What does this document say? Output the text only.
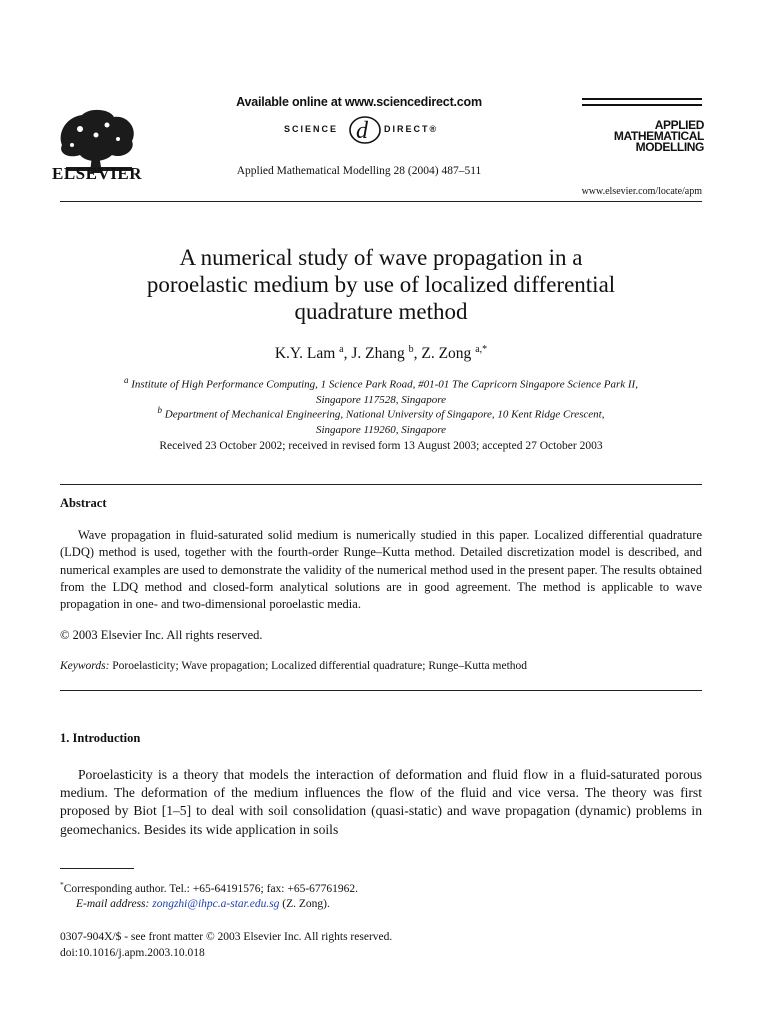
ELSEVIER
Available online at www.sciencedirect.com
SCIENCE d DIRECT®
Applied Mathematical Modelling 28 (2004) 487–511
APPLIED
MATHEMATICAL
MODELLING
www.elsevier.com/locate/apm
A numerical study of wave propagation in a
poroelastic medium by use of localized differential
quadrature method
K.Y. Lam $^a$, J. Zhang $^b$, Z. Zong $^{a,*}$
$^a$ Institute of High Performance Computing, 1 Science Park Road, #01-01 The Capricorn Singapore Science Park II,
Singapore 117528, Singapore
$^b$ Department of Mechanical Engineering, National University of Singapore, 10 Kent Ridge Crescent,
Singapore 119260, Singapore
Received 23 October 2002; received in revised form 13 August 2003; accepted 27 October 2003
Abstract
Wave propagation in fluid-saturated solid medium is numerically studied in this paper. Localized differential quadrature (LDQ) method is used, together with the fourth-order Runge–Kutta method. Detailed discretization model is described, and numerical examples are used to demonstrate the validity of the numerical method used in the present paper. The results obtained from the LDQ method and closed-form analytical solutions are in good agreement. The method is applicable to wave propagation in one- and two-dimensional poroelastic media.
© 2003 Elsevier Inc. All rights reserved.
Keywords: Poroelasticity; Wave propagation; Localized differential quadrature; Runge–Kutta method
1. Introduction
Poroelasticity is a theory that models the interaction of deformation and fluid flow in a fluid-saturated porous medium. The deformation of the medium influences the flow of the fluid and vice versa. The theory was first proposed by Biot [1–5] to deal with soil consolidation (quasi-static) and wave propagation (dynamic) problems in geomechanics. Besides its wide application in soils
*Corresponding author. Tel.: +65-64191576; fax: +65-67761962.
E-mail address: zongzhi@ihpc.a-star.edu.sg (Z. Zong).
0307-904X/$ - see front matter © 2003 Elsevier Inc. All rights reserved.
doi:10.1016/j.apm.2003.10.018
